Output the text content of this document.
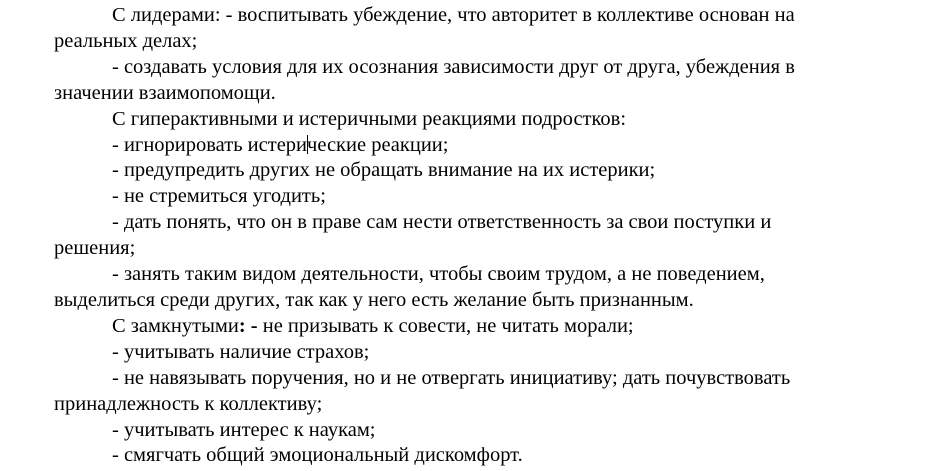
С лидерами: - воспитывать убеждение, что авторитет в коллективе основан на реальных делах;

- создавать условия для их осознания зависимости друг от друга, убеждения в значении взаимопомощи.

С гиперактивными и истеричными реакциями подростков:

- игнорировать истерические реакции;

- предупредить других не обращать внимание на их истерики;

- не стремиться угодить;

- дать понять, что он в праве сам нести ответственность за свои поступки и решения;

- занять таким видом деятельности, чтобы своим трудом, а не поведением, выделиться среди других, так как у него есть желание быть признанным.

С замкнутыми: - не призывать к совести, не читать морали;

- учитывать наличие страхов;

- не навязывать поручения, но и не отвергать инициативу; дать почувствовать принадлежность к коллективу;

- учитывать интерес к наукам;

- смягчать общий эмоциональный дискомфорт.
